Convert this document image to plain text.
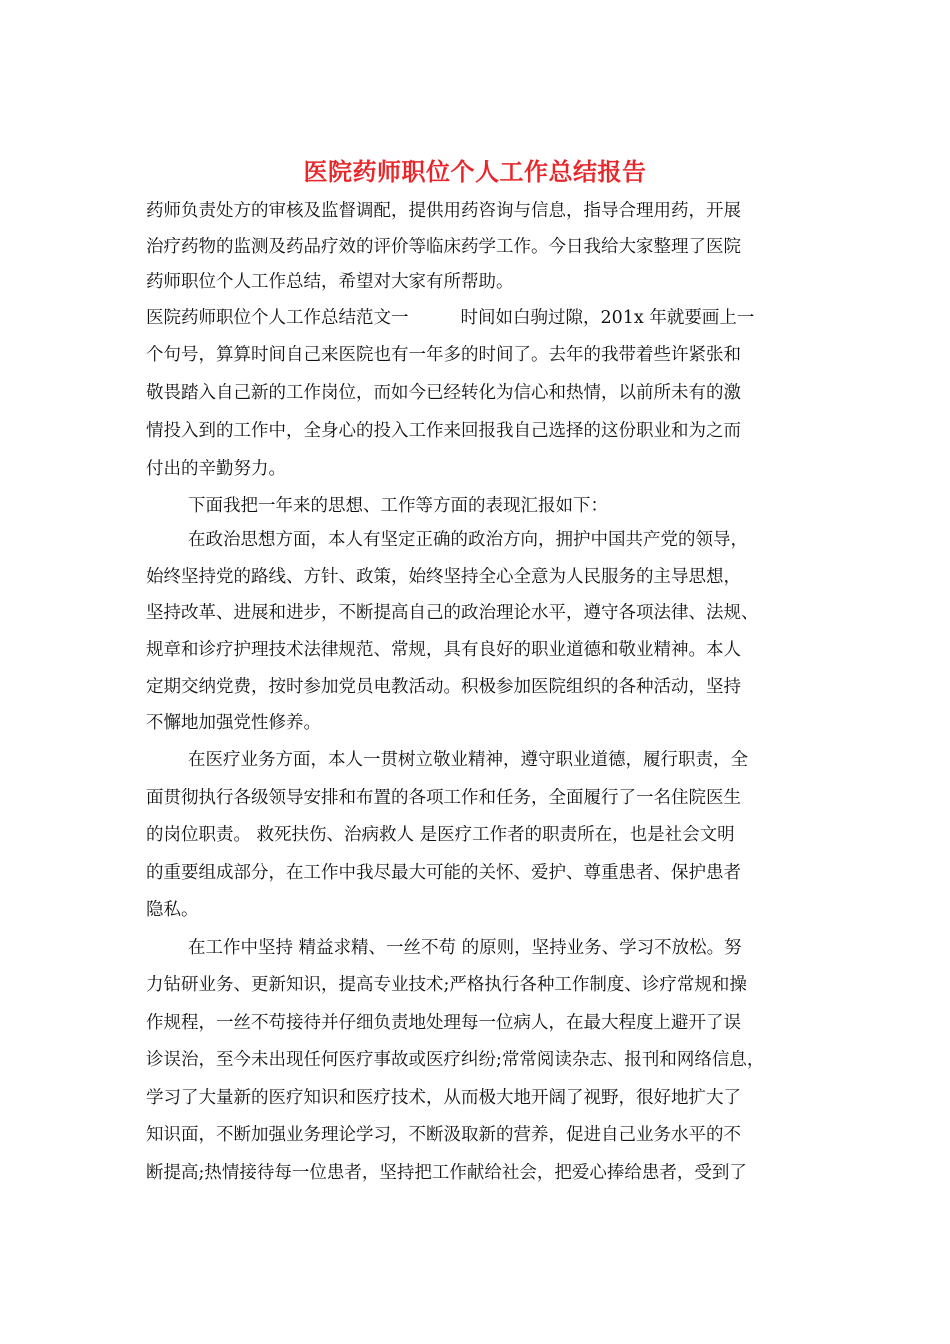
医院药师职位个人工作总结报告
药师负责处方的审核及监督调配，提供用药咨询与信息，指导合理用药，开展
治疗药物的监测及药品疗效的评价等临床药学工作。今日我给大家整理了医院
药师职位个人工作总结，希望对大家有所帮助。
医院药师职位个人工作总结范文一	时间如白驹过隙，201x 年就要画上一
个句号，算算时间自己来医院也有一年多的时间了。去年的我带着些许紧张和
敬畏踏入自己新的工作岗位，而如今已经转化为信心和热情，以前所未有的激
情投入到的工作中，全身心的投入工作来回报我自己选择的这份职业和为之而
付出的辛勤努力。
下面我把一年来的思想、工作等方面的表现汇报如下：
在政治思想方面，本人有坚定正确的政治方向，拥护中国共产党的领导，
始终坚持党的路线、方针、政策，始终坚持全心全意为人民服务的主导思想，
坚持改革、进展和进步，不断提高自己的政治理论水平，遵守各项法律、法规、
规章和诊疗护理技术法律规范、常规，具有良好的职业道德和敬业精神。本人
定期交纳党费，按时参加党员电教活动。积极参加医院组织的各种活动，坚持
不懈地加强党性修养。
在医疗业务方面，本人一贯树立敬业精神，遵守职业道德，履行职责，全
面贯彻执行各级领导安排和布置的各项工作和任务，全面履行了一名住院医生
的岗位职责。 救死扶伤、治病救人 是医疗工作者的职责所在，也是社会文明
的重要组成部分，在工作中我尽最大可能的关怀、爱护、尊重患者、保护患者
隐私。
在工作中坚持 精益求精、一丝不苟 的原则，坚持业务、学习不放松。努
力钻研业务、更新知识，提高专业技术;严格执行各种工作制度、诊疗常规和操
作规程，一丝不苟接待并仔细负责地处理每一位病人，在最大程度上避开了误
诊误治，至今未出现任何医疗事故或医疗纠纷;常常阅读杂志、报刊和网络信息，
学习了大量新的医疗知识和医疗技术，从而极大地开阔了视野，很好地扩大了
知识面，不断加强业务理论学习，不断汲取新的营养，促进自己业务水平的不
断提高;热情接待每一位患者，坚持把工作献给社会，把爱心捧给患者，受到了
